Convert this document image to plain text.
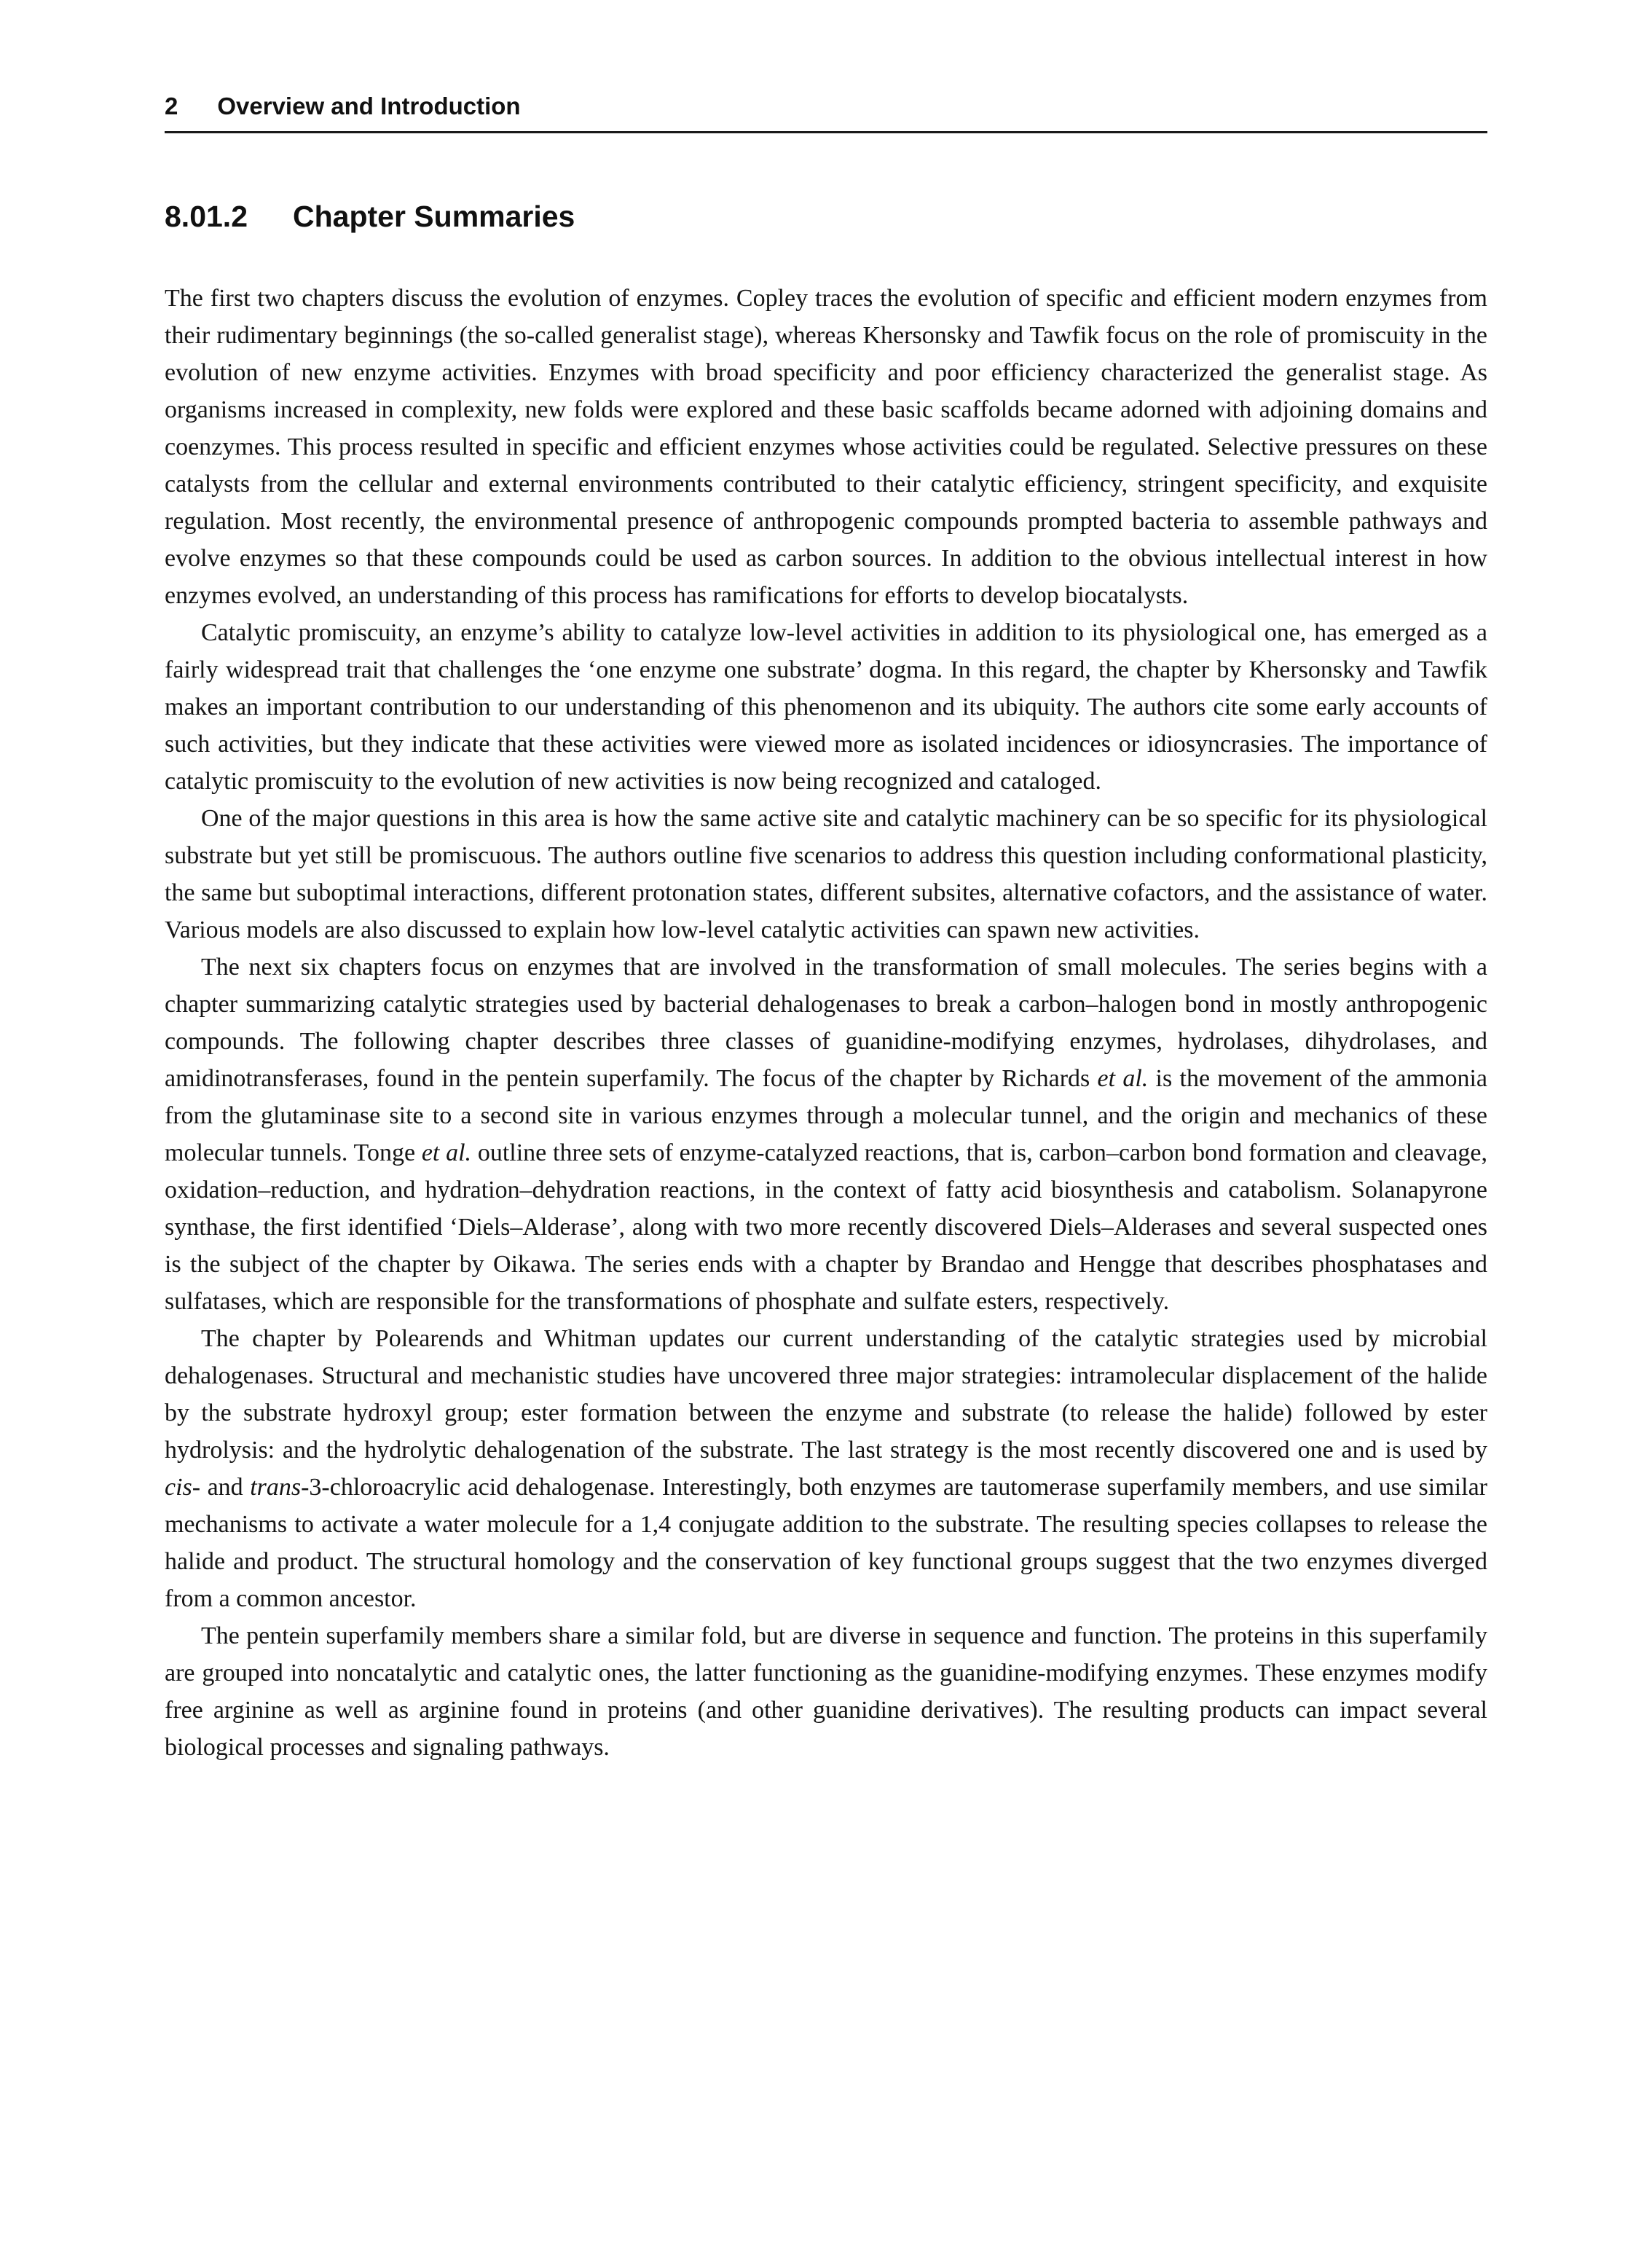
2 Overview and Introduction
8.01.2 Chapter Summaries

The first two chapters discuss the evolution of enzymes. Copley traces the evolution of specific and efficient modern enzymes from their rudimentary beginnings (the so-called generalist stage), whereas Khersonsky and Tawfik focus on the role of promiscuity in the evolution of new enzyme activities. Enzymes with broad specificity and poor efficiency characterized the generalist stage. As organisms increased in complexity, new folds were explored and these basic scaffolds became adorned with adjoining domains and coenzymes. This process resulted in specific and efficient enzymes whose activities could be regulated. Selective pressures on these catalysts from the cellular and external environments contributed to their catalytic efficiency, stringent specificity, and exquisite regulation. Most recently, the environmental presence of anthropogenic compounds prompted bacteria to assemble pathways and evolve enzymes so that these compounds could be used as carbon sources. In addition to the obvious intellectual interest in how enzymes evolved, an understanding of this process has ramifications for efforts to develop biocatalysts.

Catalytic promiscuity, an enzyme’s ability to catalyze low-level activities in addition to its physiological one, has emerged as a fairly widespread trait that challenges the ‘one enzyme one substrate’ dogma. In this regard, the chapter by Khersonsky and Tawfik makes an important contribution to our understanding of this phenomenon and its ubiquity. The authors cite some early accounts of such activities, but they indicate that these activities were viewed more as isolated incidences or idiosyncrasies. The importance of catalytic promiscuity to the evolution of new activities is now being recognized and cataloged.

One of the major questions in this area is how the same active site and catalytic machinery can be so specific for its physiological substrate but yet still be promiscuous. The authors outline five scenarios to address this question including conformational plasticity, the same but suboptimal interactions, different protonation states, different subsites, alternative cofactors, and the assistance of water. Various models are also discussed to explain how low-level catalytic activities can spawn new activities.

The next six chapters focus on enzymes that are involved in the transformation of small molecules. The series begins with a chapter summarizing catalytic strategies used by bacterial dehalogenases to break a carbon–halogen bond in mostly anthropogenic compounds. The following chapter describes three classes of guanidine-modifying enzymes, hydrolases, dihydrolases, and amidinotransferases, found in the pentein superfamily. The focus of the chapter by Richards et al. is the movement of the ammonia from the glutaminase site to a second site in various enzymes through a molecular tunnel, and the origin and mechanics of these molecular tunnels. Tonge et al. outline three sets of enzyme-catalyzed reactions, that is, carbon–carbon bond formation and cleavage, oxidation–reduction, and hydration–dehydration reactions, in the context of fatty acid biosynthesis and catabolism. Solanapyrone synthase, the first identified ‘Diels–Alderase’, along with two more recently discovered Diels–Alderases and several suspected ones is the subject of the chapter by Oikawa. The series ends with a chapter by Brandao and Hengge that describes phosphatases and sulfatases, which are responsible for the transformations of phosphate and sulfate esters, respectively.

The chapter by Polearends and Whitman updates our current understanding of the catalytic strategies used by microbial dehalogenases. Structural and mechanistic studies have uncovered three major strategies: intramolecular displacement of the halide by the substrate hydroxyl group; ester formation between the enzyme and substrate (to release the halide) followed by ester hydrolysis: and the hydrolytic dehalogenation of the substrate. The last strategy is the most recently discovered one and is used by cis- and trans-3-chloroacrylic acid dehalogenase. Interestingly, both enzymes are tautomerase superfamily members, and use similar mechanisms to activate a water molecule for a 1,4 conjugate addition to the substrate. The resulting species collapses to release the halide and product. The structural homology and the conservation of key functional groups suggest that the two enzymes diverged from a common ancestor.

The pentein superfamily members share a similar fold, but are diverse in sequence and function. The proteins in this superfamily are grouped into noncatalytic and catalytic ones, the latter functioning as the guanidine-modifying enzymes. These enzymes modify free arginine as well as arginine found in proteins (and other guanidine derivatives). The resulting products can impact several biological processes and signaling pathways.
